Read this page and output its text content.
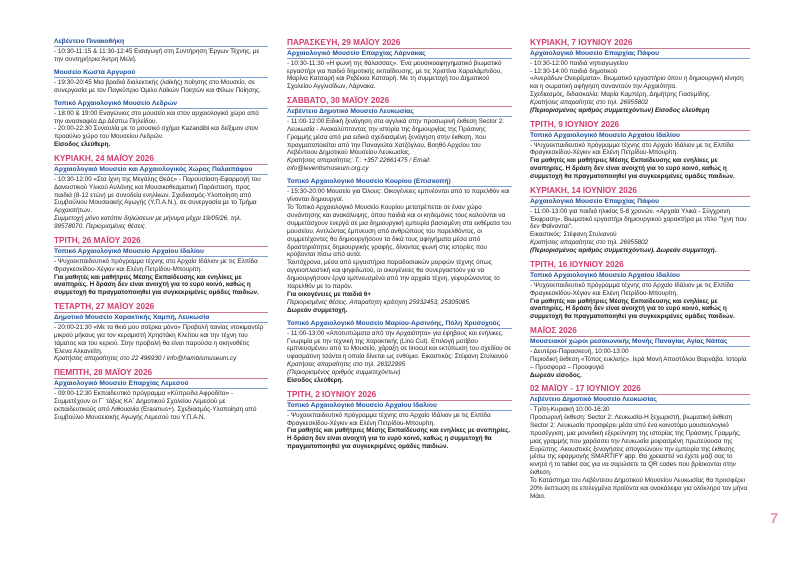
Λεβέντειο Πινακοθήκη
- 10:30-11:15 & 11:30-12:45 Εισαγωγή στη Συντήρηση Έργων Τέχνης, με την συντηρήτρια Άντρη Μελή.
Μουσείο Κώστα Αργυρού
- 19:30-20:45 Μια βραδιά διαλεκτικής (λαϊκής) ποίησης στο Μουσείο, σε συνεργασία με τον Παγκύπριο Όμιλο Λαϊκών Ποιητών και Φίλων Ποίησης.
Τοπικό Αρχαιολογικό Μουσείο Λεδρών
- 18:00 & 19:00 Εναγώνιος στο μουσείο και στον αρχαιολογικό χώρο από την ανασκαφέα Δρ Δέσπω Πηλείδου.
- 20:00-22:30 Συναυλία με το μουσικό σχήμα Kazandibi και δείξιμον στον προαύλιο χώρο του Μουσείου Λεδρών.
Είσοδος ελεύθερη.
ΚΥΡΙΑΚΗ, 24 ΜΑΪΟΥ 2026
Αρχαιολογικό Μουσείο και Αρχαιολογικός Χώρος Παλαιπάφου
- 10:30-12:00 «Στα ίχνη της Μεγάλης Θεάς» - Παρουσίαση-Εφαρμογή του Δανειστικού Υλικού Αυλόνης και Μουσικοθεαματική Παράσταση, προς παιδιά (8-12 ετών) με συνοδεία ενηλίκων. Σχεδιασμός-Υλοποίηση από Συμβούλιου Μουσειακής Αγωγής (Υ.Π.Α.Ν.), σε συνεργασία με το Τμήμα Αρχαιοτήτων.
Συμμετοχή μόνο κατόπιν δηλώσεων με μήνυμα μέχρι 19/05/26, τηλ. 99578070. Περιορισμένες θέσεις.
ΤΡΙΤΗ, 26 ΜΑΪΟΥ 2026
Τοπικό Αρχαιολογικό Μουσείο Αρχαίου Ιδαλίου
- Ψυχοεκπαιδευτικό πρόγραμμα τέχνης στο Αρχαίο Ιδάλιον με τις Ελπίδα Φραγκεσκίδου-Χέγκιν και Ελένη Πετρίδου-Μπουρίτη.
Για μαθητές και μαθήτριες Μέσης Εκπαίδευσης και ενηλίκες με αναπηρίες. Η δράση δεν είναι ανοιχτή για το ευρύ κοινό, καθώς η συμμετοχή θα πραγματοποιηθεί για συγκεκριμένες ομάδες παιδιών.
ΤΕΤΑΡΤΗ, 27 ΜΑΪΟΥ 2026
Δημοτικό Μουσείο Χαρακτικής Χαμπή, Λευκωσία
- 20:00-21:30 «Με τα θκιό μου σσέρκα μόνο» Προβολή ταινίας ντοκιμαντέρ μικρού μήκους για τον κεραμιστή Χρηστάκη Κλείτου και την τέχνη του τάματος και του κεριού. Στην προβολή θα είναι παρούσα η σκηνοθέτις Έλενα Αλκανείτη.
Κρατήσεις απαραίτητες στο 22 496930 / info@hambismuseum.cy
ΠΕΜΠΤΗ, 28 ΜΑΪΟΥ 2026
Αρχαιολογικό Μουσείο Επαρχίας Λεμεσού
- 09:00-12:30 Εκπαιδευτικό πρόγραμμα «Κύπρειδα Αφροδίτα» - Συμμετέχουν οι Γ΄ τάξεις ΚΑ΄ Δημοτικού Σχολείου Λεμεσού με εκπαιδευτικούς από Λιθουανία (Erasmus+). Σχεδιασμός-Υλοποίηση από Συμβούλιο Μουσειακής Αγωγής Λεμεσού του Υ.Π.Α.Ν.
ΠΑΡΑΣΚΕΥΗ, 29 ΜΑΪΟΥ 2026
Αρχαιολογικό Μουσείο Επαρχίας Λάρνακας
- 10:30-11:30 «Η φωνή της θάλασσας». Ένα μουσικοαφηγηματικό βιωματικό εργαστήρι για παιδιά δημοτικής εκπαίδευσης, με τις Χριστίνα Χαραλάμπιδου, Μαρίνα Κατσαρή και Ρεβέκκα Κατσαρή. Με τη συμμετοχή του Δημοτικού Σχολείου Αγγλισίδων, Λάρνακα.
ΣΑΒΒΑΤΟ, 30 ΜΑΪΟΥ 2026
Λεβέντειο Δημοτικό Μουσείο Λευκωσίας
- 11:00-12:00 Ειδική ξενάγηση στα αγγλικά στην προσωρινή έκθεση Sector 2: Λευκωσία - Ανακαλύπτοντας την ιστορία της δημιουργίας της Πράσινης Γραμμής μέσα από μια ειδικά σχεδιασμένη ξενάγηση στην έκθεση, που πραγματοποιείται από την Παναγιώτα Χατζόγλου, Βοηθό Αρχείου του Λεβέντειου Δημοτικού Μουσείου Λευκωσίας.
Κρατήσεις απαραίτητες: Τ.: +357 22661475 / Email: info@leventismuseum.org.cy
Τοπικό Αρχαιολογικό Μουσείο Κουρίου (Επισκοπή)
- 15:30-20:00 Μουσείο για Όλους: Οικογένειες εμπνέονται από το παρελθόν και γίνονται δημιουργοί.
Το Τοπικό Αρχαιολογικό Μουσείο Κουρίου μετατρέπεται σε έναν χώρο συνάντησης και ανακάλυψης, όπου παιδιά και οι κηδεμόνες τους καλούνται να συμμετάσχουν ενεργά σε μια δημιουργική εμπειρία βασισμένη στα εκθέματα του μουσείου. Αντλώντας έμπνευση από ανθρώπους του παρελθόντος, οι συμμετέχοντες θα δημιουργήσουν τα δικά τους αφηγήματα μέσα από δραστηριότητες δημιουργικής γραφής, δίνοντας φωνή στις ιστορίες που κρύβονται πίσω από αυτά.
Ταυτόχρονα, μέσα από εργαστήρια παραδοσιακών μορφών τέχνης όπως αγγειοπλαστική και ψηφιδωτού, οι οικογένειες θα συνεργαστούν για να δημιουργήσουν έργα εμπνευσμένα από την αρχαία τέχνη, γεφυρώνοντας το παρελθόν με το παρόν.
Για οικογένειες με παιδιά 6+
Περιορισμένες θέσεις. Απαραίτητη κράτηση 25932453, 25305085.
Δωρεάν συμμετοχή.
Τοπικό Αρχαιολογικό Μουσείο Μαρίου-Αρσινόης, Πόλη Χρυσοχούς
- 11:00-13:00 «Αποτυπώματα από την Αρχαιότητα» για έφηβους και ενήλικες. Γνωριμία με την τεχνική της Χαρακτικής (Lino Cut). Επιλογή μοτίβου εμπνευσμένου από το Μουσείο, χάραξη σε linocut και εκτύπωση του σχεδίου σε υφασμάτινη τσάντα η οποία δίνεται ως ενθύμιο. Εικαστικός: Στέφανη Στυλιανού
Κρατήσεις απαραίτητες στο τηλ. 26322995
(Περιορισμένος αριθμός συμμετεχόντων)
Είσοδος ελεύθερη.
ΤΡΙΤΗ, 2 ΙΟΥΝΙΟΥ 2026
Τοπικό Αρχαιολογικό Μουσείο Αρχαίου Ιδαλίου
- Ψυχοεκπαιδευτικό πρόγραμμα τέχνης στο Αρχαίο Ιδάλιον με τις Ελπίδα Φραγκεσκίδου-Χέγκιν και Ελένη Πετρίδου-Μπουρίτη.
Για μαθητές και μαθήτριες Μέσης Εκπαίδευσης και ενηλίκες με αναπηρίες. Η δράση δεν είναι ανοιχτή για το ευρύ κοινό, καθώς η συμμετοχή θα πραγματοποιηθεί για συγκεκριμένες ομάδες παιδιών.
ΚΥΡΙΑΚΗ, 7 ΙΟΥΝΙΟΥ 2026
Αρχαιολογικό Μουσείο Επαρχίας Πάφου
- 10:30-12:00 παιδιά νηπιαγωγείου
- 12:30-14:00 παιδιά δημοτικού
«Ανεράδων Ονειρέματα». Βιωματικό εργαστήριο όπου η δημιουργική κίνηση και η σωματική αφήγηση συναντούν την Αρχαιότητα.
Σχεδιασμός, διδασκαλία: Μαρία Καμπέρη, Δημήτρης Γιασεμίδης.
Κρατήσεις απαραίτητες στο τηλ. 26955802
(Περιορισμένος αριθμός συμμετεχόντων) Είσοδος ελεύθερη
ΤΡΙΤΗ, 9 ΙΟΥΝΙΟΥ 2026
Τοπικό Αρχαιολογικό Μουσείο Αρχαίου Ιδαλίου
- Ψυχοεκπαιδευτικό πρόγραμμα τέχνης στο Αρχαίο Ιδάλιον με τις Ελπίδα Φραγκεσκίδου-Χέγκιν και Ελένη Πετρίδου-Μπουρίτη.
Για μαθητές και μαθήτριες Μέσης Εκπαίδευσης και ενηλίκες με αναπηρίες. Η δράση δεν είναι ανοιχτή για το ευρύ κοινό, καθώς η συμμετοχή θα πραγματοποιηθεί για συγκεκριμένες ομάδες παιδιών.
ΚΥΡΙΑΚΗ, 14 ΙΟΥΝΙΟΥ 2026
Αρχαιολογικό Μουσείο Επαρχίας Πάφου
- 11:00-13:00 για παιδιά ηλικίας 5-8 χρονών. «Αρχαία Υλικά - Σύγχρονη Έκφραση». Βιωματικό εργαστήρι δημιουργικού χαρακτήρα με τίτλο "Ίχνη που δεν Φαίνονται".
Εικαστικός: Στέφανη Στυλιανού
Κρατήσεις απαραίτητες στο τηλ. 26955802
(Περιορισμένος αριθμός συμμετεχόντων). Δωρεάν συμμετοχή.
ΤΡΙΤΗ, 16 ΙΟΥΝΙΟΥ 2026
Τοπικό Αρχαιολογικό Μουσείο Αρχαίου Ιδαλίου
- Ψυχοεκπαιδευτικό πρόγραμμα τέχνης στο Αρχαίο Ιδάλιον με τις Ελπίδα Φραγκεσκίδου-Χέγκιν και Ελένη Πετρίδου-Μπουρίτη.
Για μαθητές και μαθήτριες Μέσης Εκπαίδευσης και ενηλίκες με αναπηρίες. Η δράση δεν είναι ανοιχτή για το ευρύ κοινό, καθώς η συμμετοχή θα πραγματοποιηθεί για συγκεκριμένες ομάδες παιδιών.
ΜΑΪΟΣ 2026
Μουσειακοί χώροι μεσαιωνικής Μονής Παναγίας Αγίας Νάπας
- Δευτέρα-Παρασκευή, 10:00-13:00
Περιοδική έκθεση «Τόπος ευκλεής». Ιερά Μονή Αποστόλου Βαρνάβα. Ιστορία – Προσφορά – Προοφυγιά
Δωρεάν είσοδος.
02 ΜΑΪΟΥ - 17 ΙΟΥΝΙΟΥ 2026
Λεβέντειο Δημοτικό Μουσείο Λευκωσίας
- Τρίτη-Κυριακή 10:00-16:30
Προσωρινή έκθεση: Sector 2: Λευκωσία-Η ξεχωριστή, βιωματική έκθεση Sector 2: Λευκωσία προσφέρει μέσα από ένα καινοτόμο μουσειολογικό προσέγγιση, μια μοναδική εξερεύνηση της ιστορίας της Πράσινης Γραμμής, μιας γραμμής που χαράσσει την Λευκωσία μοιρασμένη πρωτεύουσα της Ευρώπης. Ακουστικές ξεναγήσεις απογειώνουν την εμπειρία της έκθεσης μέσω της εφαρμογής SMARTIFY app. Θα χρειαστεί να έχετε μαζί σας το κινητό ή το tablet σας για να σαρώσετε τα QR codes που βρίσκονται στην έκθεση.
Το Κατάστημα του Λεβέντειου Δημοτικού Μουσείου Λευκωσίας θα προσφέρει 20% έκπτωση σε επιλεγμένα προϊόντα και ανακάλεψα για ολόκληρο τον μήνα Μάιο.
7
